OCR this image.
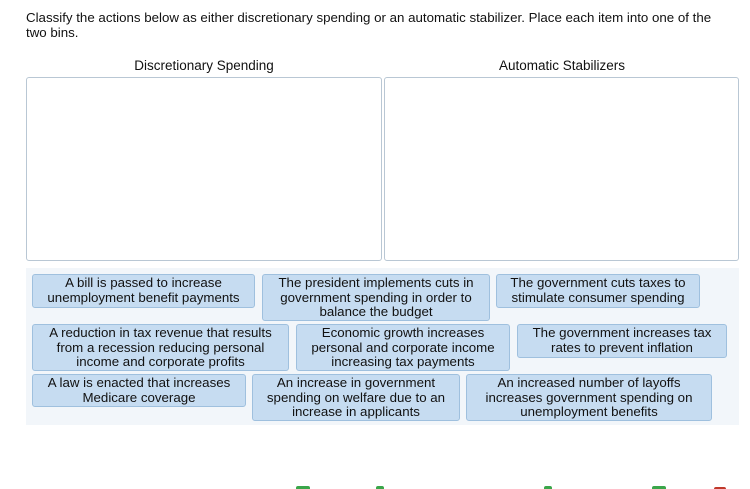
Classify the actions below as either discretionary spending or an automatic stabilizer. Place each item into one of the two bins.
Discretionary Spending	Automatic Stabilizers
A bill is passed to increase unemployment benefit payments
The president implements cuts in government spending in order to balance the budget
The government cuts taxes to stimulate consumer spending
A reduction in tax revenue that results from a recession reducing personal income and corporate profits
Economic growth increases personal and corporate income increasing tax payments
The government increases tax rates to prevent inflation
A law is enacted that increases Medicare coverage
An increase in government spending on welfare due to an increase in applicants
An increased number of layoffs increases government spending on unemployment benefits
